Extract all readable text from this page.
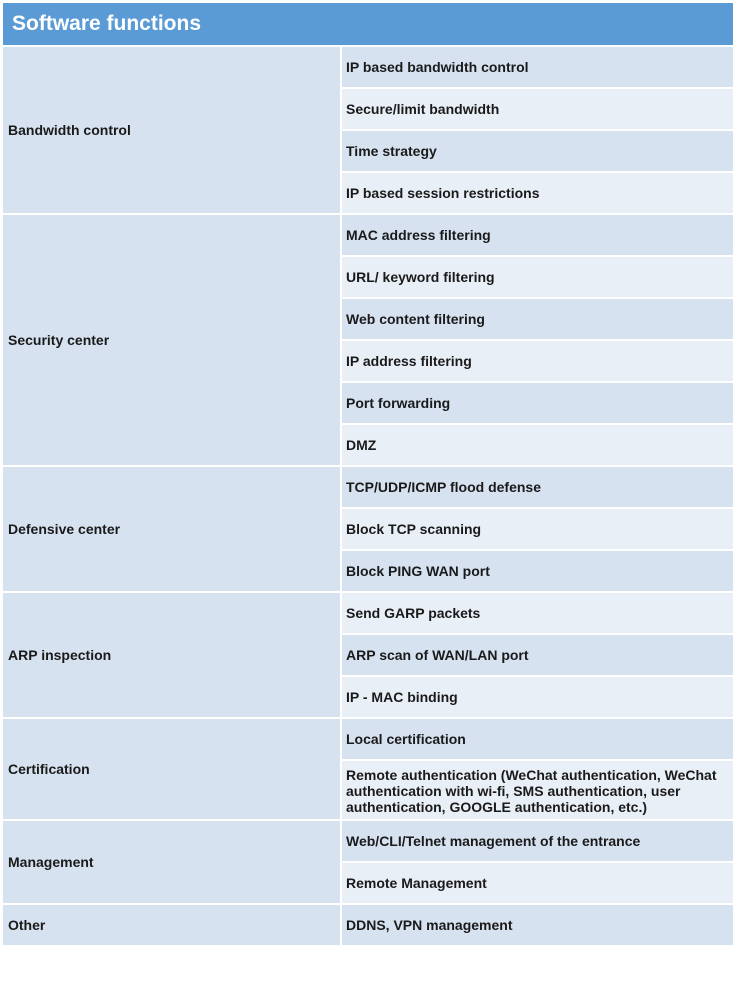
Software functions
IP based bandwidth control
Secure/limit bandwidth
Time strategy
IP based session restrictions
Bandwidth control
MAC address filtering
URL/ keyword filtering
Web content filtering
IP address filtering
Port forwarding
DMZ
Security center
TCP/UDP/ICMP flood defense
Block TCP scanning
Block PING WAN port
Defensive center
Send GARP packets
ARP scan of WAN/LAN port
IP - MAC binding
ARP inspection
Local certification
Remote authentication (WeChat authentication, WeChat authentication with wi-fi, SMS authentication, user authentication, GOOGLE authentication, etc.)
Certification
Web/CLI/Telnet management of the entrance
Remote Management
Management
DDNS, VPN management
Other
